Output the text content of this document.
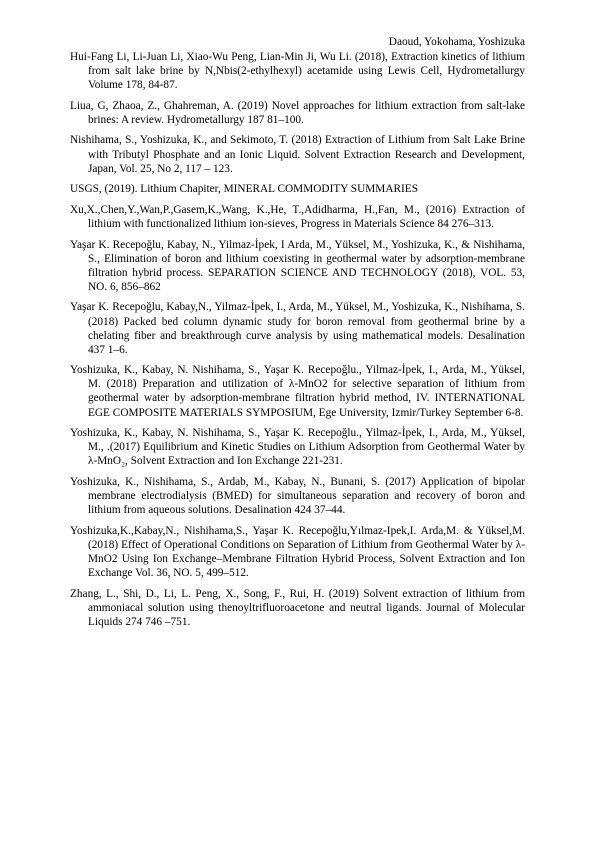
Daoud, Yokohama, Yoshizuka
Hui-Fang Li, Li-Juan Li, Xiao-Wu Peng, Lian-Min Ji, Wu Li. (2018), Extraction kinetics of lithium from salt lake brine by N,Nbis(2-ethylhexyl) acetamide using Lewis Cell, Hydrometallurgy Volume 178, 84-87.
Liua, G, Zhaoa, Z., Ghahreman, A. (2019) Novel approaches for lithium extraction from salt-lake brines: A review. Hydrometallurgy 187 81–100.
Nishihama, S., Yoshizuka, K., and Sekimoto, T. (2018) Extraction of Lithium from Salt Lake Brine with Tributyl Phosphate and an Ionic Liquid. Solvent Extraction Research and Development, Japan, Vol. 25, No 2, 117 – 123.
USGS, (2019). Lithium Chapiter, MINERAL COMMODITY SUMMARIES
Xu,X.,Chen,Y.,Wan,P.,Gasem,K.,Wang, K.,He, T.,Adidharma, H.,Fan, M., (2016) Extraction of lithium with functionalized lithium ion-sieves, Progress in Materials Science 84 276–313.
Yaşar K. Recepoğlu, Kabay, N., Yilmaz-İpek, I Arda, M., Yüksel, M., Yoshizuka, K., & Nishihama, S., Elimination of boron and lithium coexisting in geothermal water by adsorption-membrane filtration hybrid process. SEPARATION SCIENCE AND TECHNOLOGY (2018), VOL. 53, NO. 6, 856–862
Yaşar K. Recepoğlu, Kabay,N., Yilmaz-İpek, I., Arda, M., Yüksel, M., Yoshizuka, K., Nishihama, S. (2018) Packed bed column dynamic study for boron removal from geothermal brine by a chelating fiber and breakthrough curve analysis by using mathematical models. Desalination 437 1–6.
Yoshizuka, K., Kabay, N. Nishihama, S., Yaşar K. Recepoğlu., Yilmaz-İpek, I., Arda, M., Yüksel, M. (2018) Preparation and utilization of λ-MnO2 for selective separation of lithium from geothermal water by adsorption-membrane filtration hybrid method, IV. INTERNATIONAL EGE COMPOSITE MATERIALS SYMPOSIUM, Ege University, Izmir/Turkey September 6-8.
Yoshizuka, K., Kabay, N. Nishihama, S., Yaşar K. Recepoğlu., Yilmaz-İpek, I., Arda, M., Yüksel, M., .(2017) Equilibrium and Kinetic Studies on Lithium Adsorption from Geothermal Water by λ-MnO₂, Solvent Extraction and Ion Exchange 221-231.
Yoshizuka, K., Nishihama, S., Ardab, M., Kabay, N., Bunani, S. (2017) Application of bipolar membrane electrodialysis (BMED) for simultaneous separation and recovery of boron and lithium from aqueous solutions. Desalination 424 37–44.
Yoshizuka,K.,Kabay,N., Nishihama,S., Yaşar K. Recepoğlu,Yılmaz-Ipek,I. Arda,M. & Yüksel,M. (2018) Effect of Operational Conditions on Separation of Lithium from Geothermal Water by λ-MnO2 Using Ion Exchange–Membrane Filtration Hybrid Process, Solvent Extraction and Ion Exchange Vol. 36, NO. 5, 499–512.
Zhang, L., Shi, D., Li, L. Peng, X., Song, F., Rui, H. (2019) Solvent extraction of lithium from ammoniacal solution using thenoyltrifluoroacetone and neutral ligands. Journal of Molecular Liquids 274 746 –751.
